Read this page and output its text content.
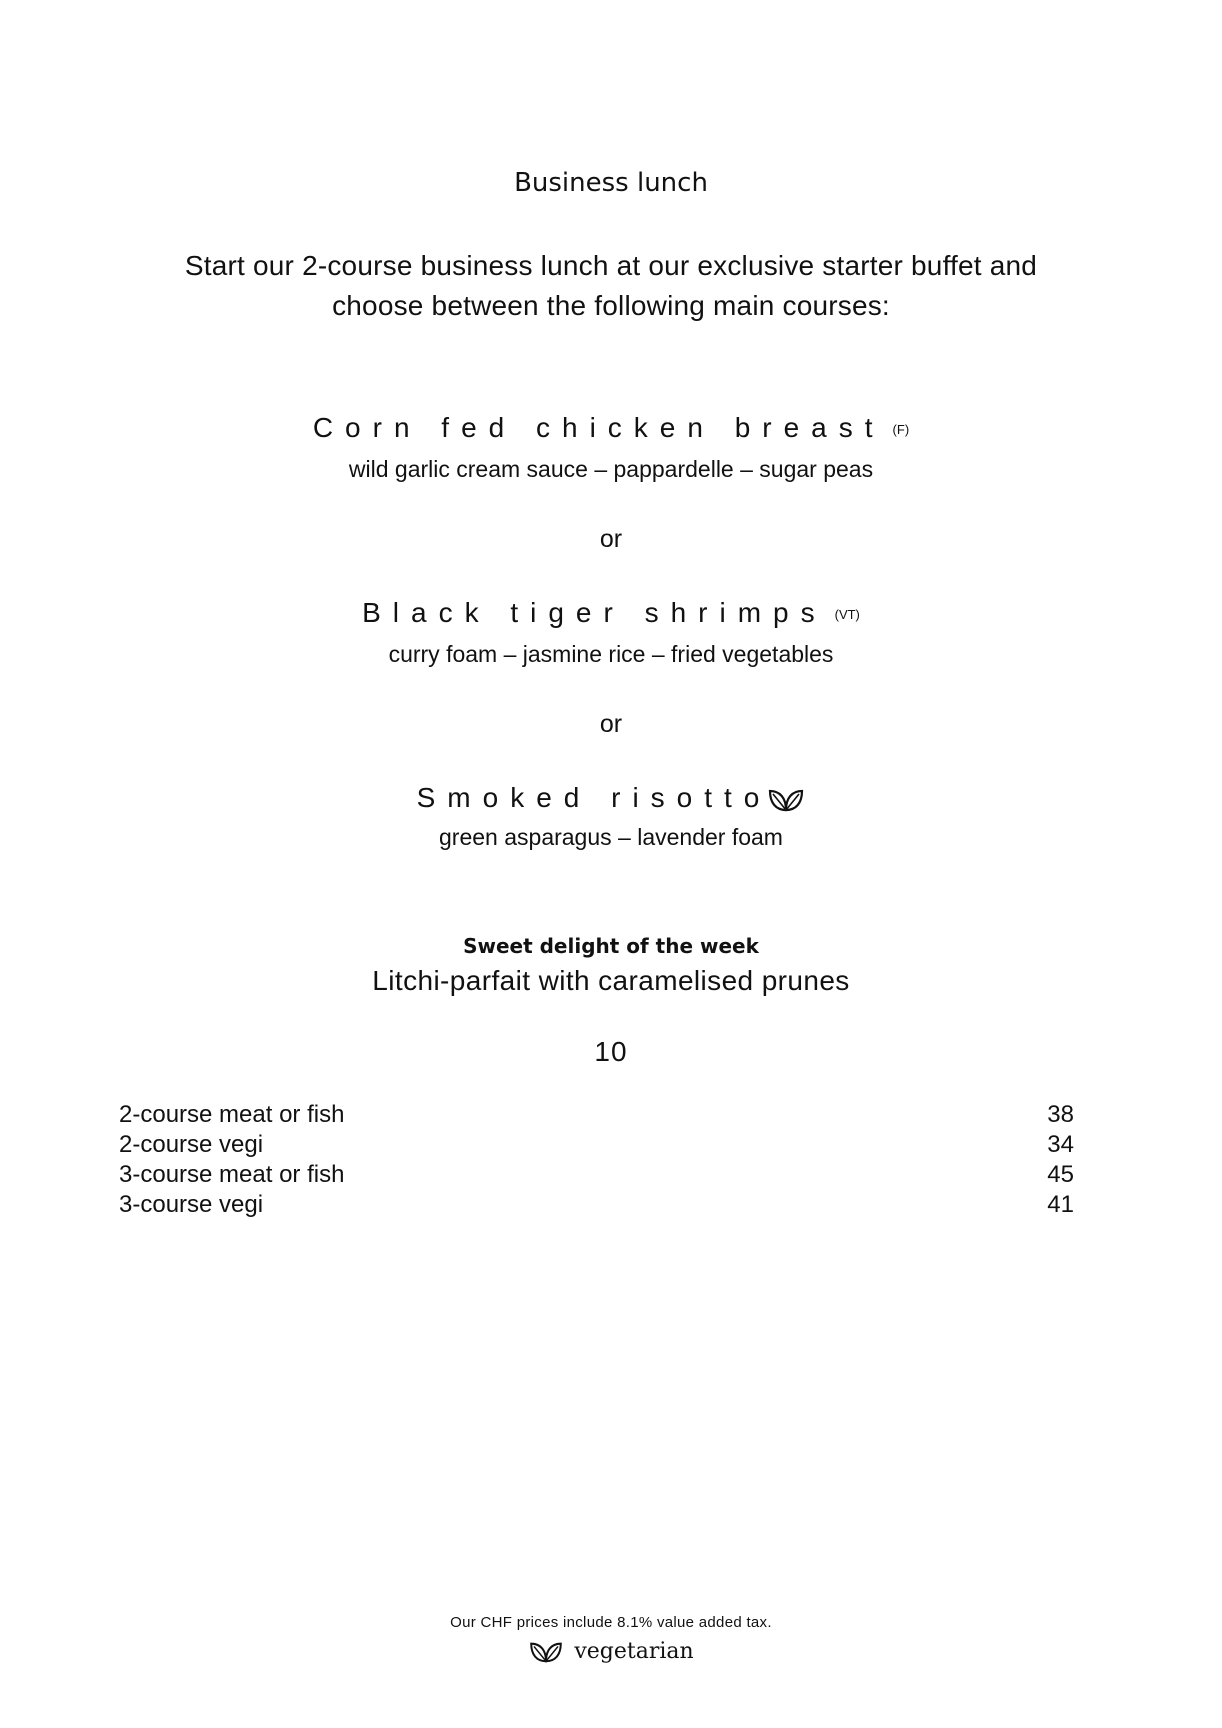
Business lunch
Start our 2-course business lunch at our exclusive starter buffet and
choose between the following main courses:
Corn fed chicken breast (F)
wild garlic cream sauce – pappardelle – sugar peas
or
Black tiger shrimps (VT)
curry foam – jasmine rice – fried vegetables
or
Smoked risotto
green asparagus – lavender foam
Sweet delight of the week
Litchi-parfait with caramelised prunes
10
2-course meat or fish	38
2-course vegi	34
3-course meat or fish	45
3-course vegi	41
Our CHF prices include 8.1% value added tax.
vegetarian
